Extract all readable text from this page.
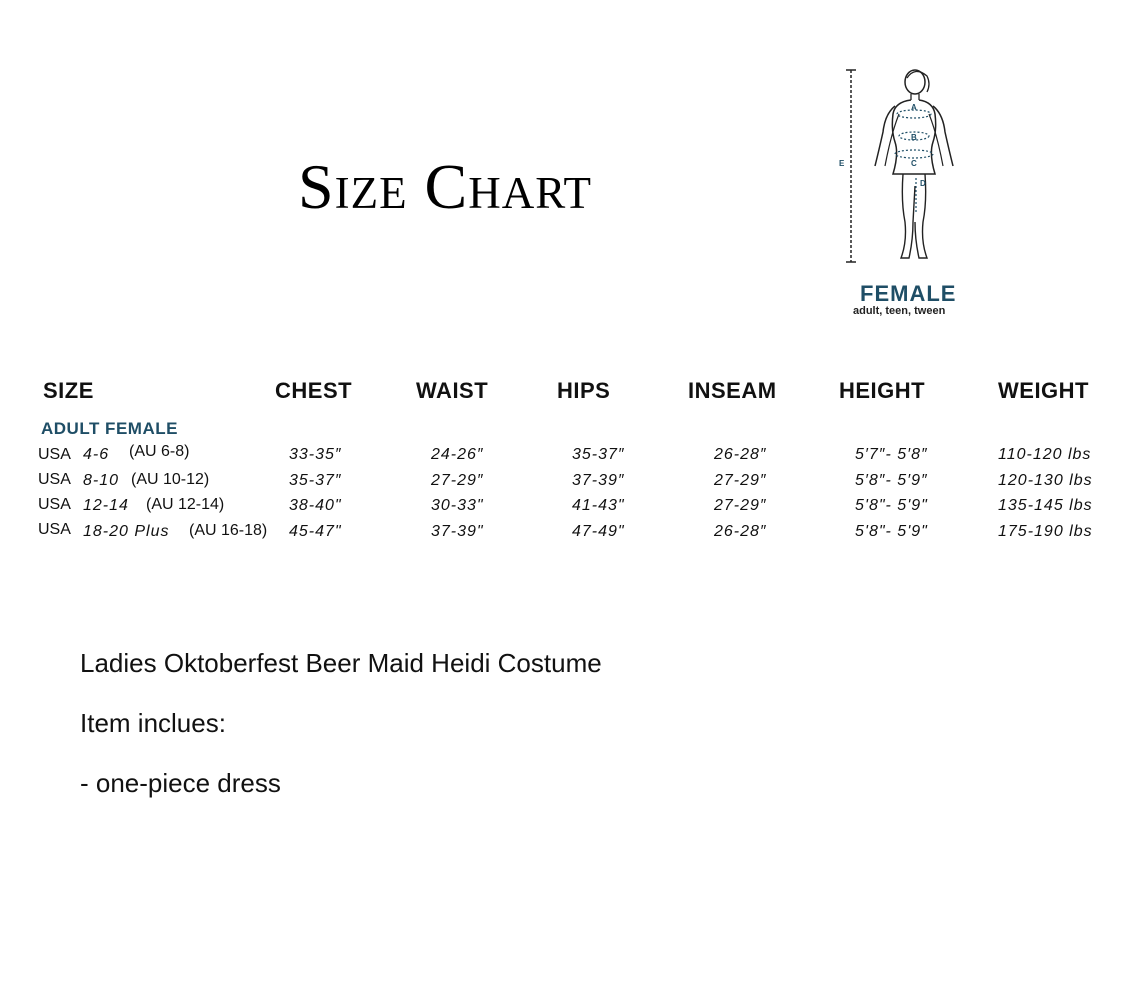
Size Chart	E
A
B
C
D
FEMALE
adult, teen, tween
SIZE	CHEST	WAIST	HIPS	INSEAM	HEIGHT	WEIGHT
ADULT FEMALE
USA 4-6 (AU 6-8)	33-35″	24-26″	35-37″	26-28″	5′7″- 5′8″	110-120 lbs
USA 8-10 (AU 10-12)	35-37″	27-29″	37-39″	27-29″	5′8″- 5′9″	120-130 lbs
USA 12-14 (AU 12-14)	38-40"	30-33"	41-43"	27-29″	5'8"- 5'9"	135-145 lbs
USA 18-20 Plus (AU 16-18) 45-47"	37-39"	47-49"	26-28″	5'8"- 5'9"	175-190 lbs
Ladies Oktoberfest Beer Maid Heidi Costume
Item inclues:
- one-piece dress
